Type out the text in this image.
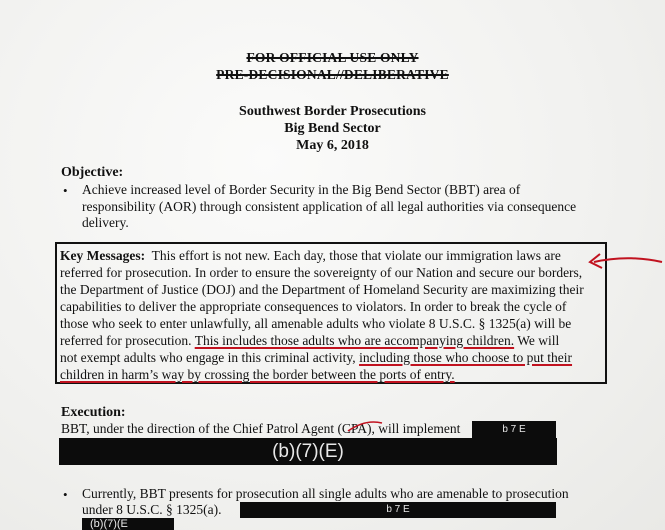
FOR OFFICIAL USE ONLY
PRE-DECISIONAL//DELIBERATIVE
Southwest Border Prosecutions
Big Bend Sector
May 6, 2018
Objective:
• Achieve increased level of Border Security in the Big Bend Sector (BBT) area of
responsibility (AOR) through consistent application of all legal authorities via consequence
delivery.
Key Messages: This effort is not new. Each day, those that violate our immigration laws are
referred for prosecution. In order to ensure the sovereignty of our Nation and secure our borders,
the Department of Justice (DOJ) and the Department of Homeland Security are maximizing their
capabilities to deliver the appropriate consequences to violators. In order to break the cycle of
those who seek to enter unlawfully, all amenable adults who violate 8 U.S.C. § 1325(a) will be
referred for prosecution. This includes those adults who are accompanying children. We will
not exempt adults who engage in this criminal activity, including those who choose to put their
children in harm’s way by crossing the border between the ports of entry.
Execution:
BBT, under the direction of the Chief Patrol Agent (CPA), will implement	b 7 E
(b)(7)(E)
• Currently, BBT presents for prosecution all single adults who are amenable to prosecution
under 8 U.S.C. § 1325(a).	b 7 E
(b)(7)(E
